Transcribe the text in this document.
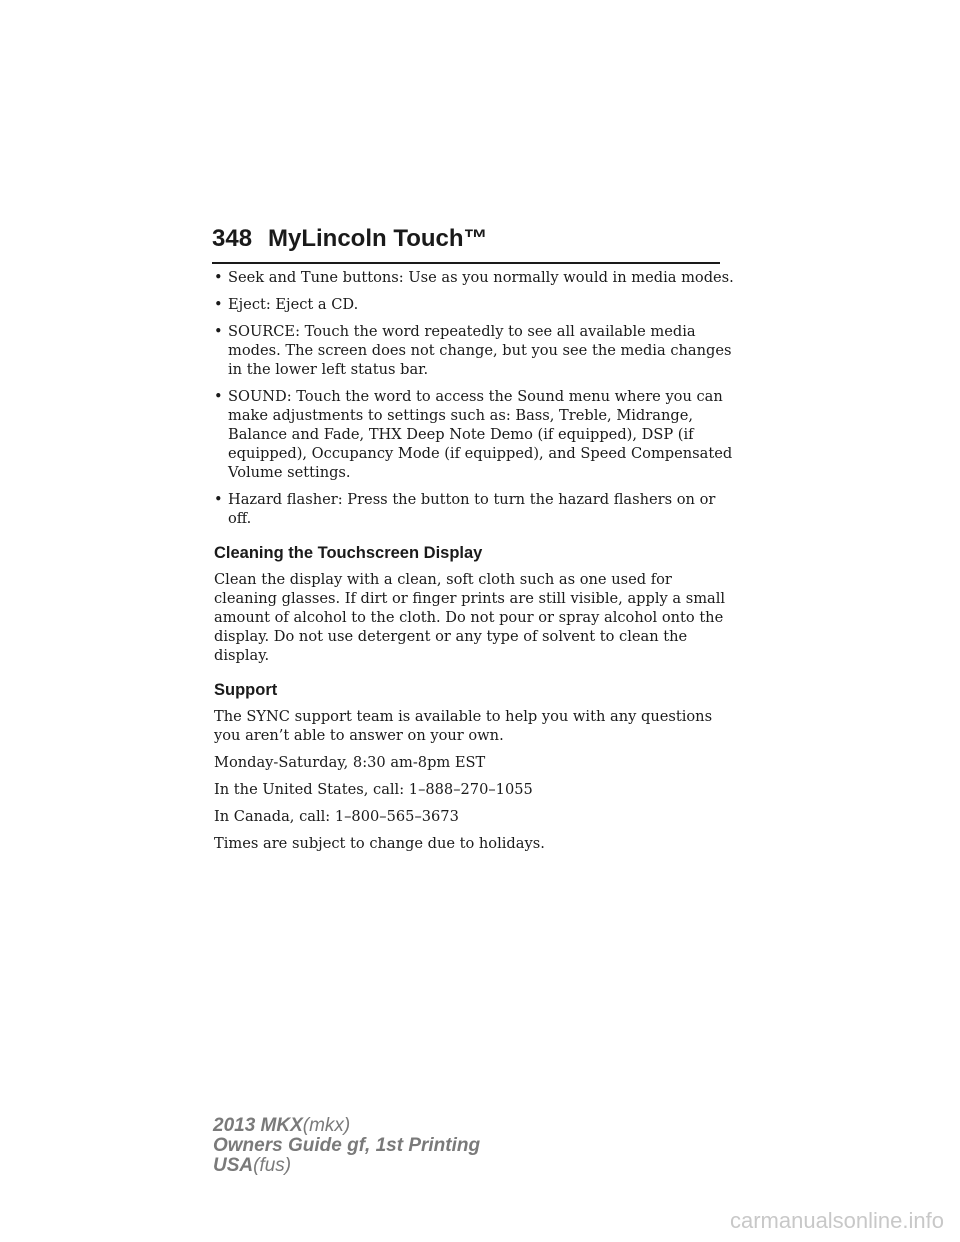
348 MyLincoln Touch™
• Seek and Tune buttons: Use as you normally would in media modes.
• Eject: Eject a CD.
• SOURCE: Touch the word repeatedly to see all available media modes. The screen does not change, but you see the media changes in the lower left status bar.
• SOUND: Touch the word to access the Sound menu where you can make adjustments to settings such as: Bass, Treble, Midrange, Balance and Fade, THX Deep Note Demo (if equipped), DSP (if equipped), Occupancy Mode (if equipped), and Speed Compensated Volume settings.
• Hazard flasher: Press the button to turn the hazard flashers on or off.
Cleaning the Touchscreen Display

Clean the display with a clean, soft cloth such as one used for cleaning glasses. If dirt or finger prints are still visible, apply a small amount of alcohol to the cloth. Do not pour or spray alcohol onto the display. Do not use detergent or any type of solvent to clean the display.

Support

The SYNC support team is available to help you with any questions you aren’t able to answer on your own.

Monday-Saturday, 8:30 am-8pm EST

In the United States, call: 1–888–270–1055

In Canada, call: 1–800–565–3673

Times are subject to change due to holidays.

2013 MKX(mkx)
Owners Guide gf, 1st Printing
USA(fus)
carmanualsonline.info
